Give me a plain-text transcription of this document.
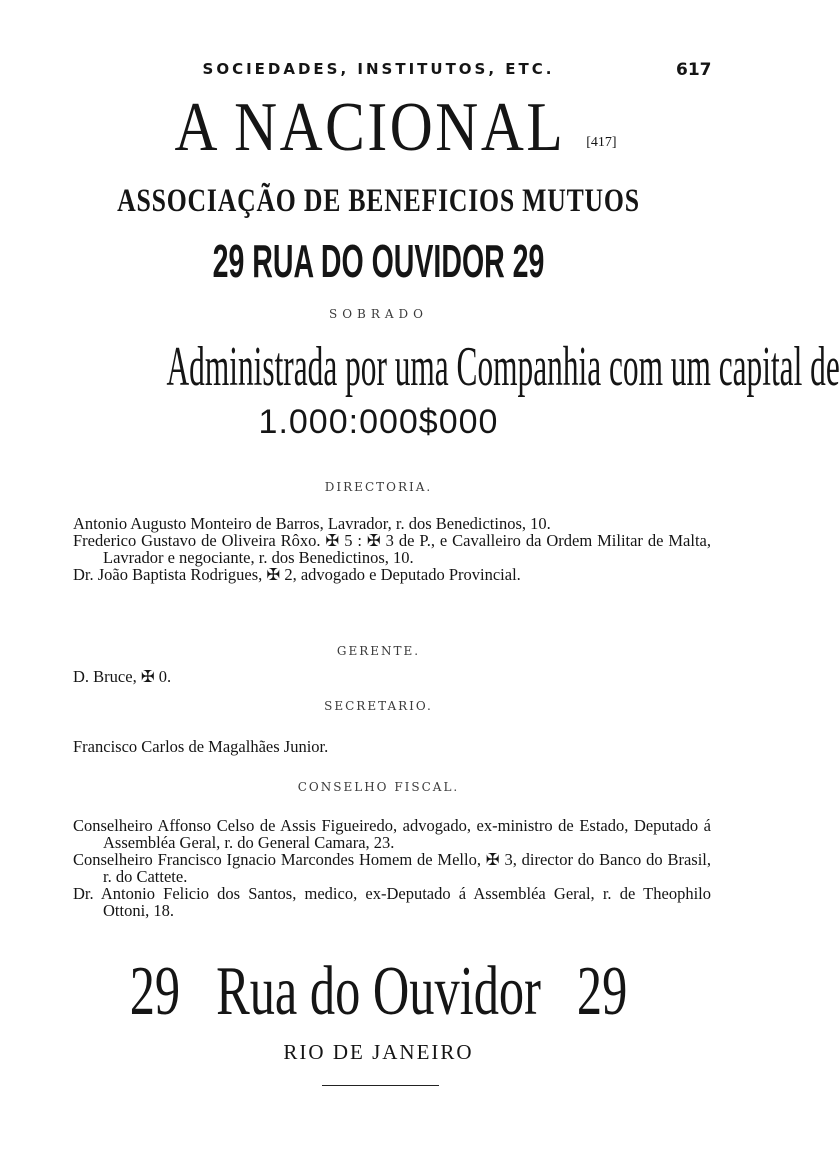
SOCIEDADES, INSTITUTOS, ETC.	617
A NACIONAL [417]
ASSOCIAÇÃO DE BENEFICIOS MUTUOS
29 RUA DO OUVIDOR 29
SOBRADO
Administrada por uma Companhia com um capital de
1.000:000$000
DIRECTORIA.

Antonio Augusto Monteiro de Barros, Lavrador, r. dos Benedictinos, 10.

Frederico Gustavo de Oliveira Rôxo. ✠ 5 : ✠ 3 de P., e Cavalleiro da Ordem Militar de Malta, Lavrador e negociante, r. dos Benedictinos, 10.

Dr. João Baptista Rodrigues, ✠ 2, advogado e Deputado Provincial.

GERENTE.

D. Bruce, ✠ 0.

SECRETARIO.

Francisco Carlos de Magalhães Junior.

CONSELHO FISCAL.

Conselheiro Affonso Celso de Assis Figueiredo, advogado, ex-ministro de Estado, Deputado á Assembléa Geral, r. do General Camara, 23.

Conselheiro Francisco Ignacio Marcondes Homem de Mello, ✠ 3, director do Banco do Brasil, r. do Cattete.

Dr. Antonio Felicio dos Santos, medico, ex-Deputado á Assembléa Geral, r. de Theophilo Ottoni, 18.

29 Rua do Ouvidor 29
RIO DE JANEIRO
